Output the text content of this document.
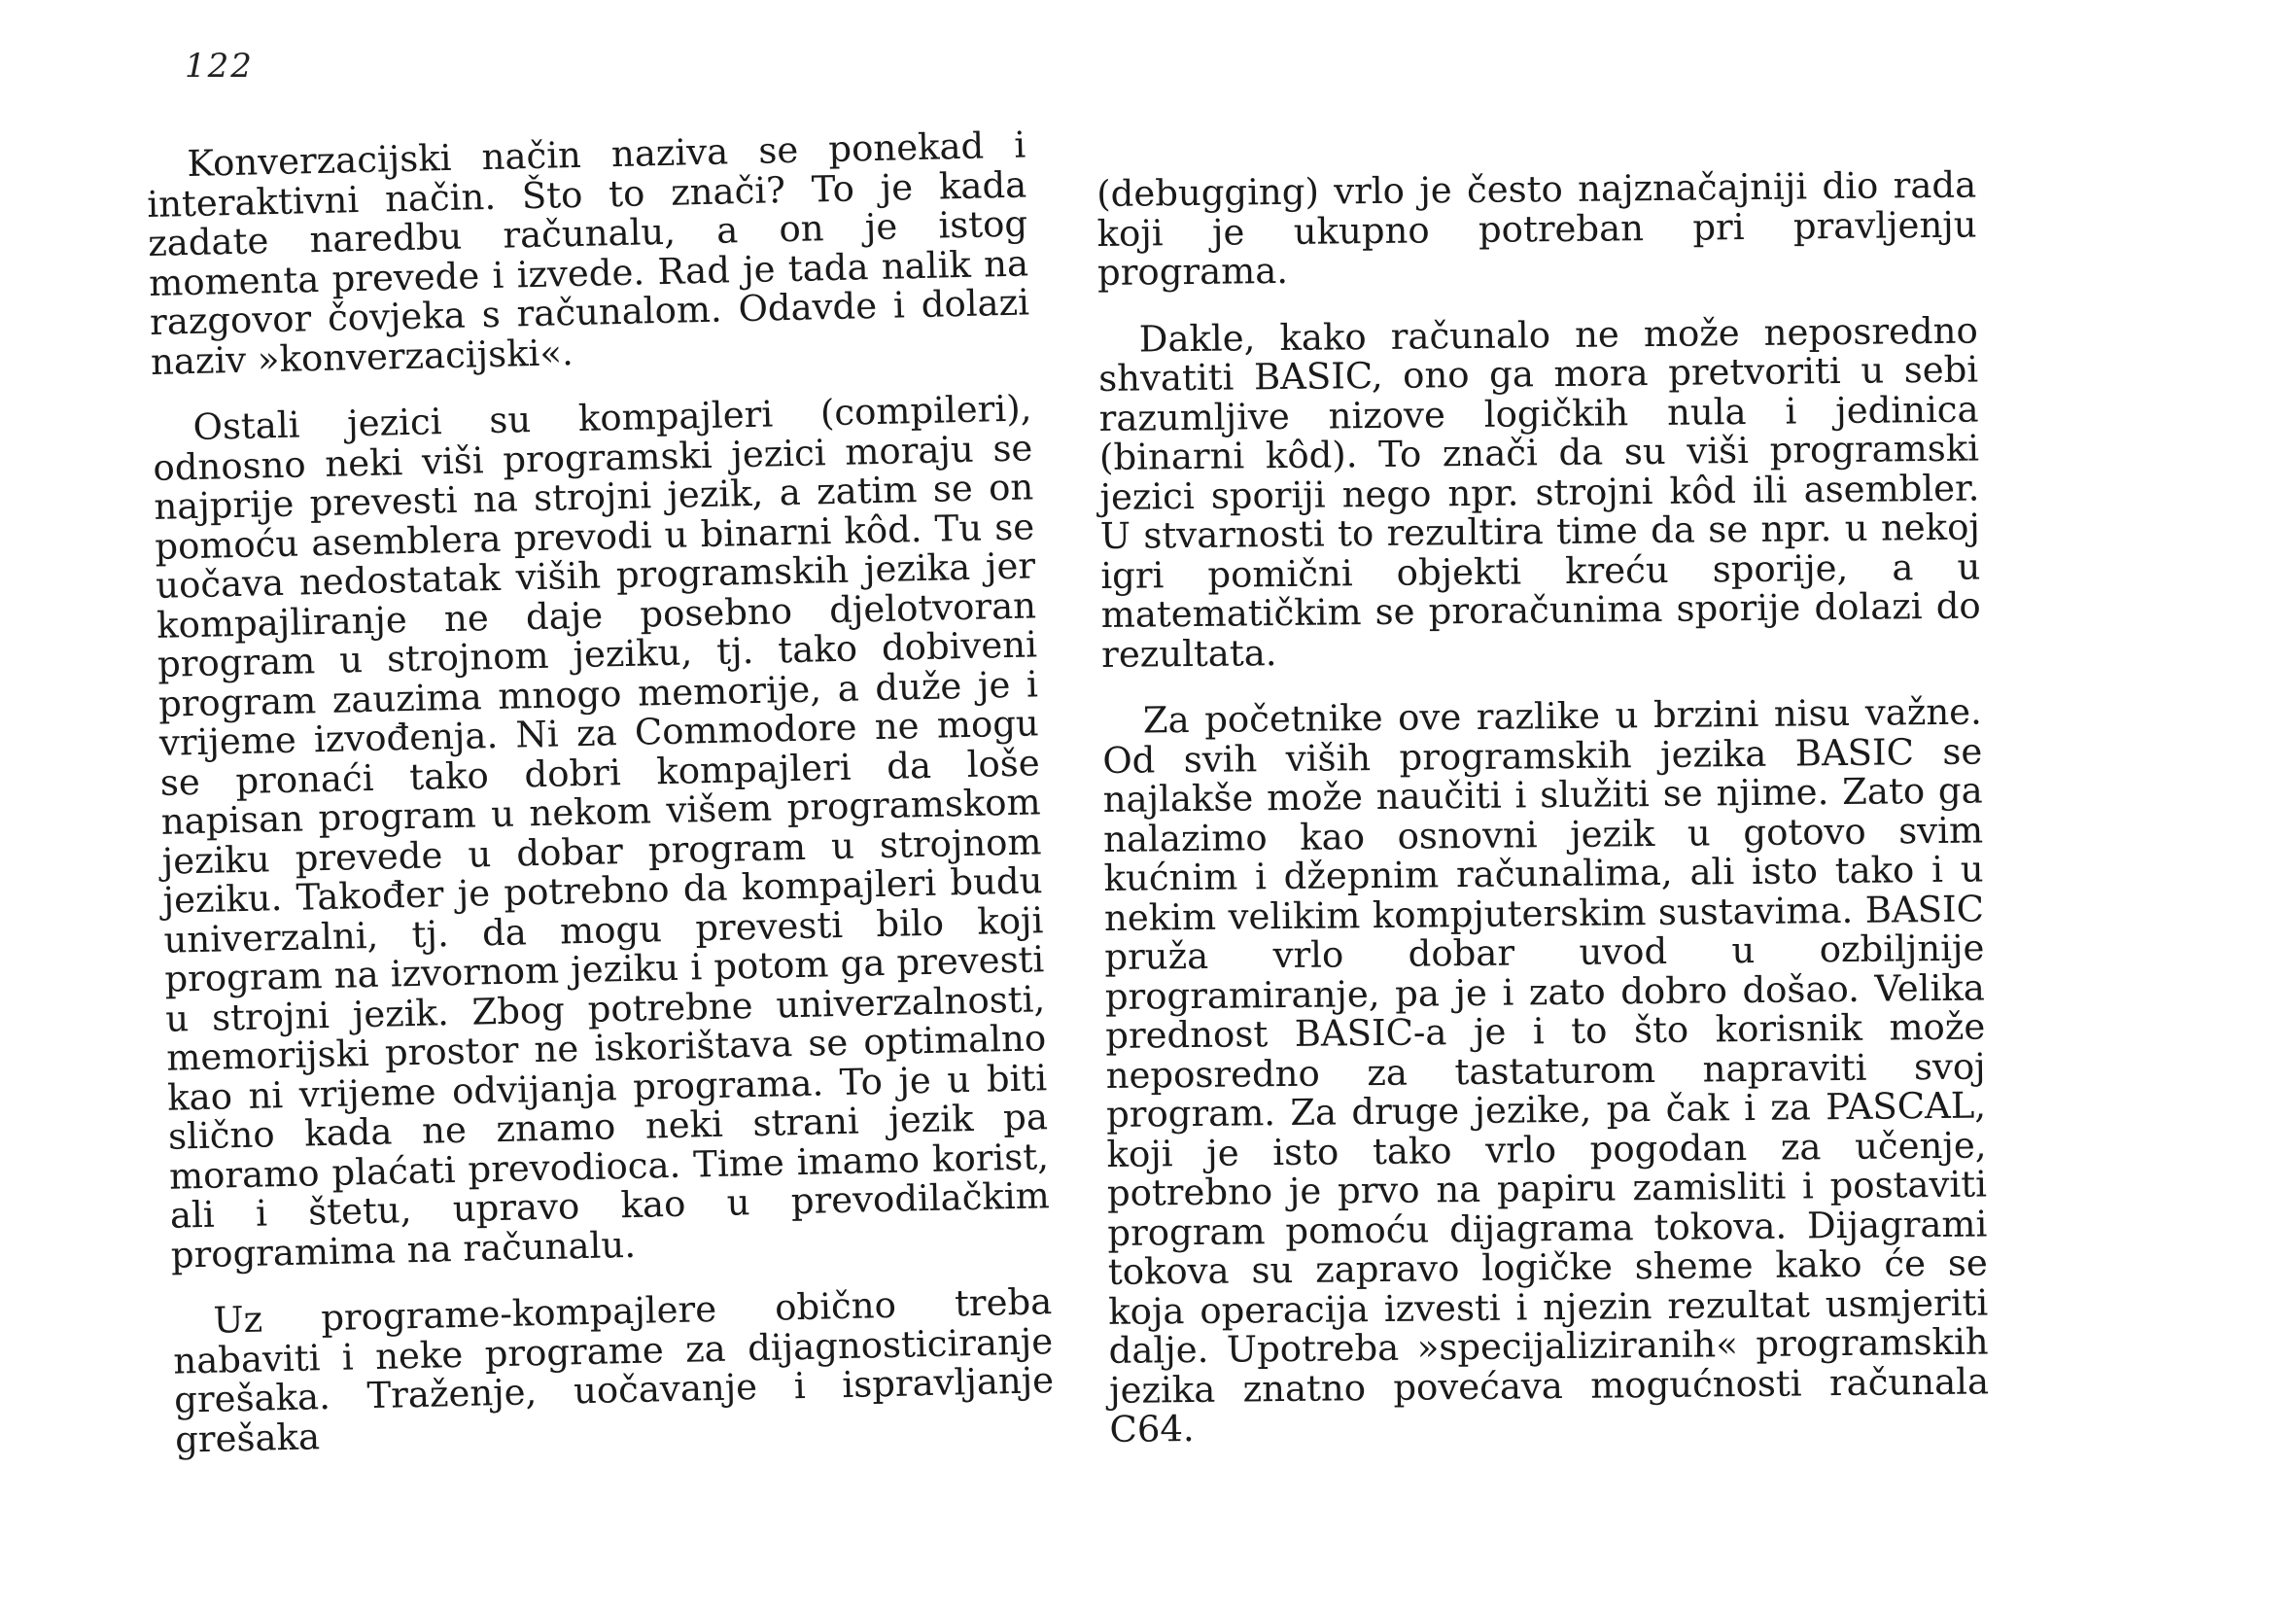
122

Konverzacijski način naziva se ponekad i interaktivni način. Što to znači? To je kada zadate naredbu računalu, a on je istog momenta prevede i izvede. Rad je tada nalik na razgovor čovjeka s računalom. Odavde i dolazi naziv »konverzacijski«.

Ostali jezici su kompajleri (compileri), odnosno neki viši programski jezici moraju se najprije prevesti na strojni jezik, a zatim se on pomoću asemblera prevodi u binarni kôd. Tu se uočava nedostatak viših programskih jezika jer kompajliranje ne daje posebno djelotvoran program u strojnom jeziku, tj. tako dobiveni program zauzima mnogo memorije, a duže je i vrijeme izvođenja. Ni za Commodore ne mogu se pronaći tako dobri kompajleri da loše napisan program u nekom višem programskom jeziku prevede u dobar program u strojnom jeziku. Također je potrebno da kompajleri budu univerzalni, tj. da mogu prevesti bilo koji program na izvornom jeziku i potom ga prevesti u strojni jezik. Zbog potrebne univerzalnosti, memorijski prostor ne iskorištava se optimalno kao ni vrijeme odvijanja programa. To je u biti slično kada ne znamo neki strani jezik pa moramo plaćati prevodioca. Time imamo korist, ali i štetu, upravo kao u prevodilačkim programima na računalu.

Uz programe-kompajlere obično treba nabaviti i neke programe za dijagnosticiranje grešaka. Traženje, uočavanje i ispravljanje grešaka

(debugging) vrlo je često najznačajniji dio rada koji je ukupno potreban pri pravljenju programa.

Dakle, kako računalo ne može neposredno shvatiti BASIC, ono ga mora pretvoriti u sebi razumljive nizove logičkih nula i jedinica (binarni kôd). To znači da su viši programski jezici sporiji nego npr. strojni kôd ili asembler. U stvarnosti to rezultira time da se npr. u nekoj igri pomični objekti kreću sporije, a u matematičkim se proračunima sporije dolazi do rezultata.

Za početnike ove razlike u brzini nisu važne. Od svih viših programskih jezika BASIC se najlakše može naučiti i služiti se njime. Zato ga nalazimo kao osnovni jezik u gotovo svim kućnim i džepnim računalima, ali isto tako i u nekim velikim kompjuterskim sustavima. BASIC pruža vrlo dobar uvod u ozbiljnije programiranje, pa je i zato dobro došao. Velika prednost BASIC-a je i to što korisnik može neposredno za tastaturom napraviti svoj program. Za druge jezike, pa čak i za PASCAL, koji je isto tako vrlo pogodan za učenje, potrebno je prvo na papiru zamisliti i postaviti program pomoću dijagrama tokova. Dijagrami tokova su zapravo logičke sheme kako će se koja operacija izvesti i njezin rezultat usmjeriti dalje. Upotreba »specijaliziranih« programskih jezika znatno povećava mogućnosti računala C64.
